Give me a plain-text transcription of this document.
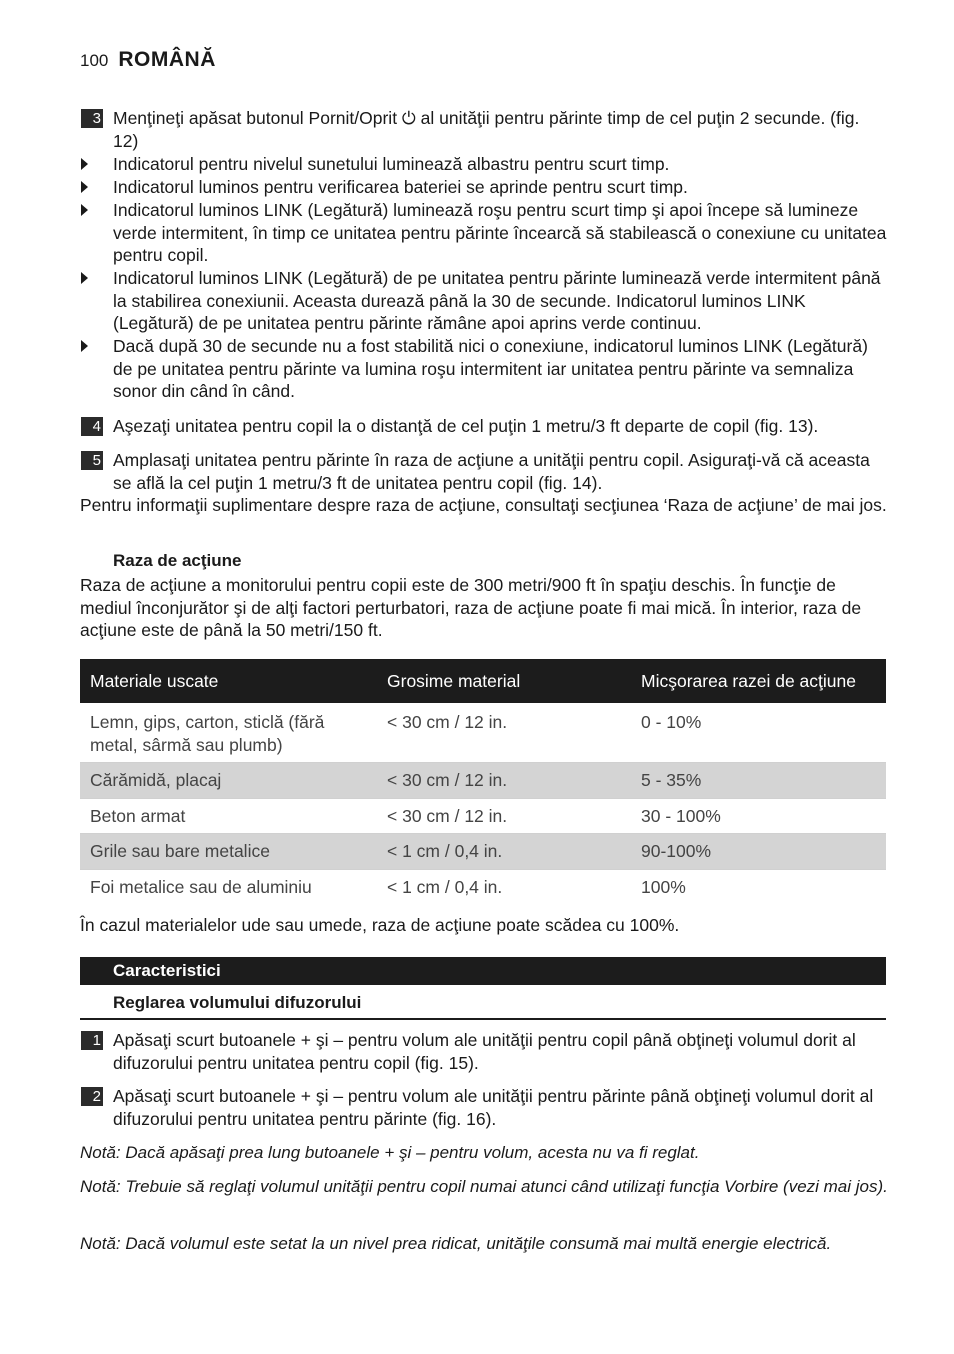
100 ROMÂNĂ
3 Menţineţi apăsat butonul Pornit/Oprit ⏻ al unităţii pentru părinte timp de cel puţin 2 secunde. (fig. 12)
Indicatorul pentru nivelul sunetului luminează albastru pentru scurt timp.
Indicatorul luminos pentru verificarea bateriei se aprinde pentru scurt timp.
Indicatorul luminos LINK (Legătură) luminează roşu pentru scurt timp şi apoi începe să lumineze verde intermitent, în timp ce unitatea pentru părinte încearcă să stabilească o conexiune cu unitatea pentru copil.
Indicatorul luminos LINK (Legătură) de pe unitatea pentru părinte luminează verde intermitent până la stabilirea conexiunii. Aceasta durează până la 30 de secunde. Indicatorul luminos LINK (Legătură) de pe unitatea pentru părinte rămâne apoi aprins verde continuu.
Dacă după 30 de secunde nu a fost stabilită nici o conexiune, indicatorul luminos LINK (Legătură) de pe unitatea pentru părinte va lumina roşu intermitent iar unitatea pentru părinte va semnaliza sonor din când în când.
4 Aşezaţi unitatea pentru copil la o distanţă de cel puţin 1 metru/3 ft departe de copil (fig. 13).
5 Amplasaţi unitatea pentru părinte în raza de acţiune a unităţii pentru copil. Asiguraţi-vă că aceasta se află la cel puţin 1 metru/3 ft de unitatea pentru copil (fig. 14).
Pentru informaţii suplimentare despre raza de acţiune, consultaţi secţiunea ‘Raza de acţiune’ de mai jos.
Raza de acţiune
Raza de acţiune a monitorului pentru copii este de 300 metri/900 ft în spaţiu deschis. În funcţie de mediul înconjurător şi de alţi factori perturbatori, raza de acţiune poate fi mai mică. În interior, raza de acţiune este de până la 50 metri/150 ft.
Materiale uscate	Grosime material	Micşorarea razei de acţiune
Lemn, gips, carton, sticlă (fără metal, sârmă sau plumb)	< 30 cm / 12 in.	0 - 10%
Cărămidă, placaj	< 30 cm / 12 in.	5 - 35%
Beton armat	< 30 cm / 12 in.	30 - 100%
Grile sau bare metalice	< 1 cm / 0,4 in.	90-100%
Foi metalice sau de aluminiu	< 1 cm / 0,4 in.	100%
În cazul materialelor ude sau umede, raza de acţiune poate scădea cu 100%.
Caracteristici
Reglarea volumului difuzorului
1 Apăsaţi scurt butoanele + şi – pentru volum ale unităţii pentru copil până obţineţi volumul dorit al difuzorului pentru unitatea pentru copil (fig. 15).
2 Apăsaţi scurt butoanele + şi – pentru volum ale unităţii pentru părinte până obţineţi volumul dorit al difuzorului pentru unitatea pentru părinte (fig. 16).
Notă: Dacă apăsaţi prea lung butoanele + şi – pentru volum, acesta nu va fi reglat.
Notă: Trebuie să reglaţi volumul unităţii pentru copil numai atunci când utilizaţi funcţia Vorbire (vezi mai jos).
Notă: Dacă volumul este setat la un nivel prea ridicat, unităţile consumă mai multă energie electrică.
